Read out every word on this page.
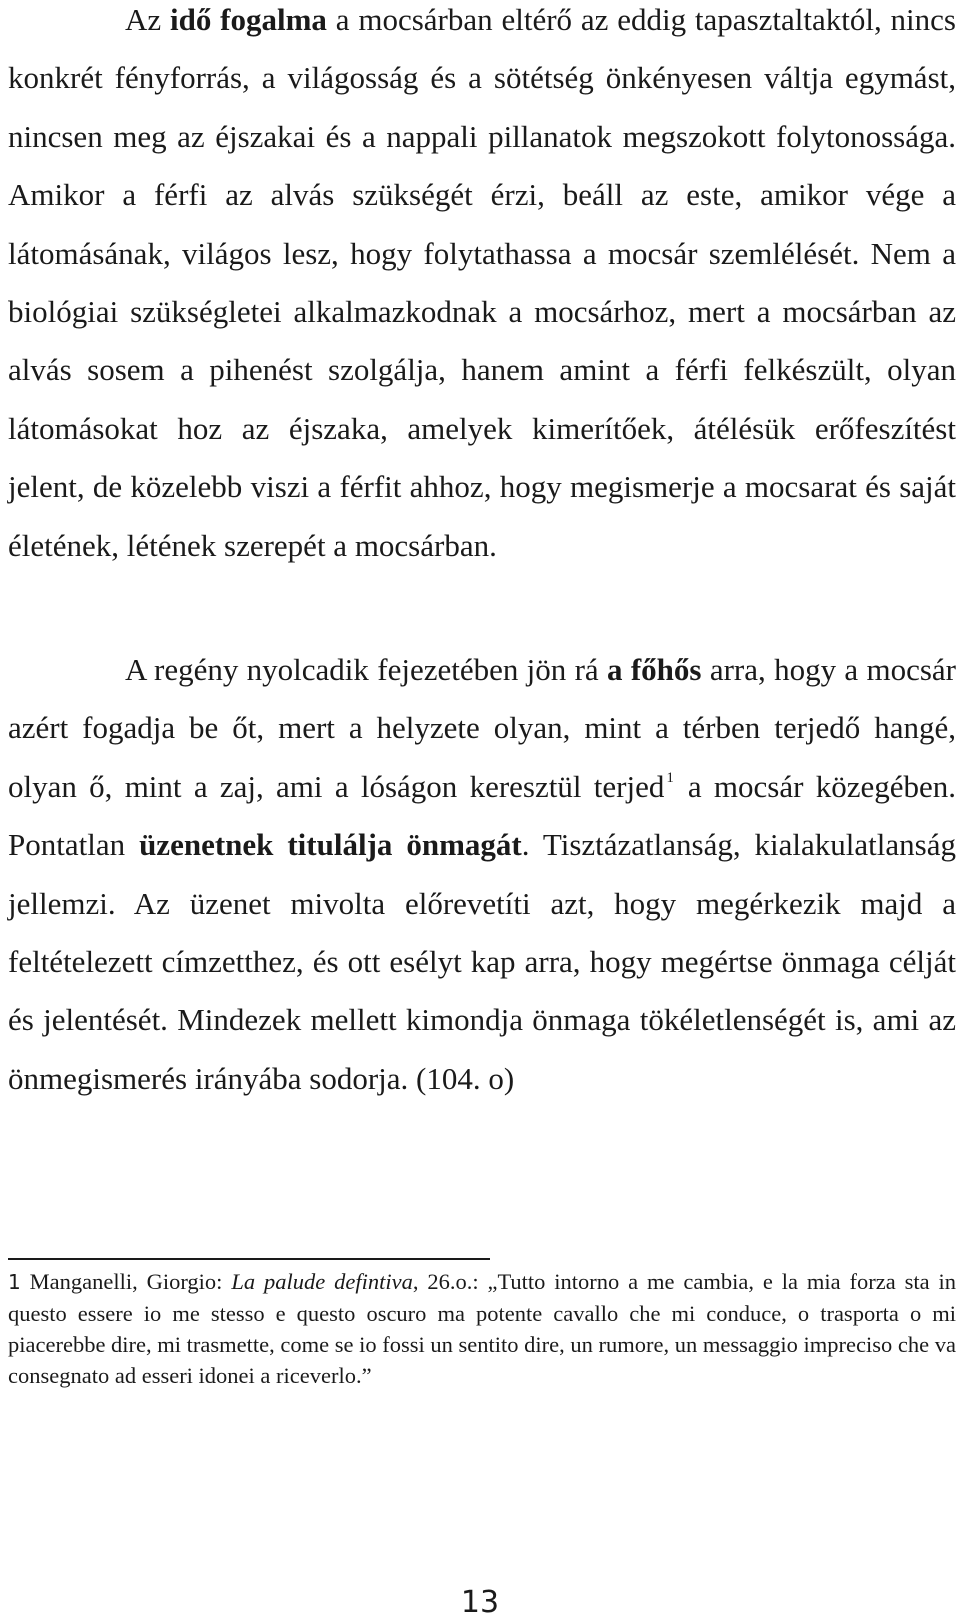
Az idő fogalma a mocsárban eltérő az eddig tapasztaltaktól, nincs konkrét fényforrás, a világosság és a sötétség önkényesen váltja egymást, nincsen meg az éjszakai és a nappali pillanatok megszokott folytonossága. Amikor a férfi az alvás szükségét érzi, beáll az este, amikor vége a látomásának, világos lesz, hogy folytathassa a mocsár szemlélését. Nem a biológiai szükségletei alkalmazkodnak a mocsárhoz, mert a mocsárban az alvás sosem a pihenést szolgálja, hanem amint a férfi felkészült, olyan látomásokat hoz az éjszaka, amelyek kimerítőek, átélésük erőfeszítést jelent, de közelebb viszi a férfit ahhoz, hogy megismerje a mocsarat és saját életének, létének szerepét a mocsárban.

A regény nyolcadik fejezetében jön rá a főhős arra, hogy a mocsár azért fogadja be őt, mert a helyzete olyan, mint a térben terjedő hangé, olyan ő, mint a zaj, ami a lóságon keresztül terjed $^1$ a mocsár közegében. Pontatlan üzenetnek titulálja önmagát. Tisztázatlanság, kialakulatlanság jellemzi. Az üzenet mivolta előrevetíti azt, hogy megérkezik majd a feltételezett címzetthez, és ott esélyt kap arra, hogy megértse önmaga célját és jelentését. Mindezek mellett kimondja önmaga tökéletlenségét is, ami az önmegismerés irányába sodorja. (104. o)

1 Manganelli, Giorgio: La palude defintiva, 26.o.: „Tutto intorno a me cambia, e la mia forza sta in questo essere io me stesso e questo oscuro ma potente cavallo che mi conduce, o trasporta o mi piacerebbe dire, mi trasmette, come se io fossi un sentito dire, un rumore, un messaggio impreciso che va consegnato ad esseri idonei a riceverlo.”

13
